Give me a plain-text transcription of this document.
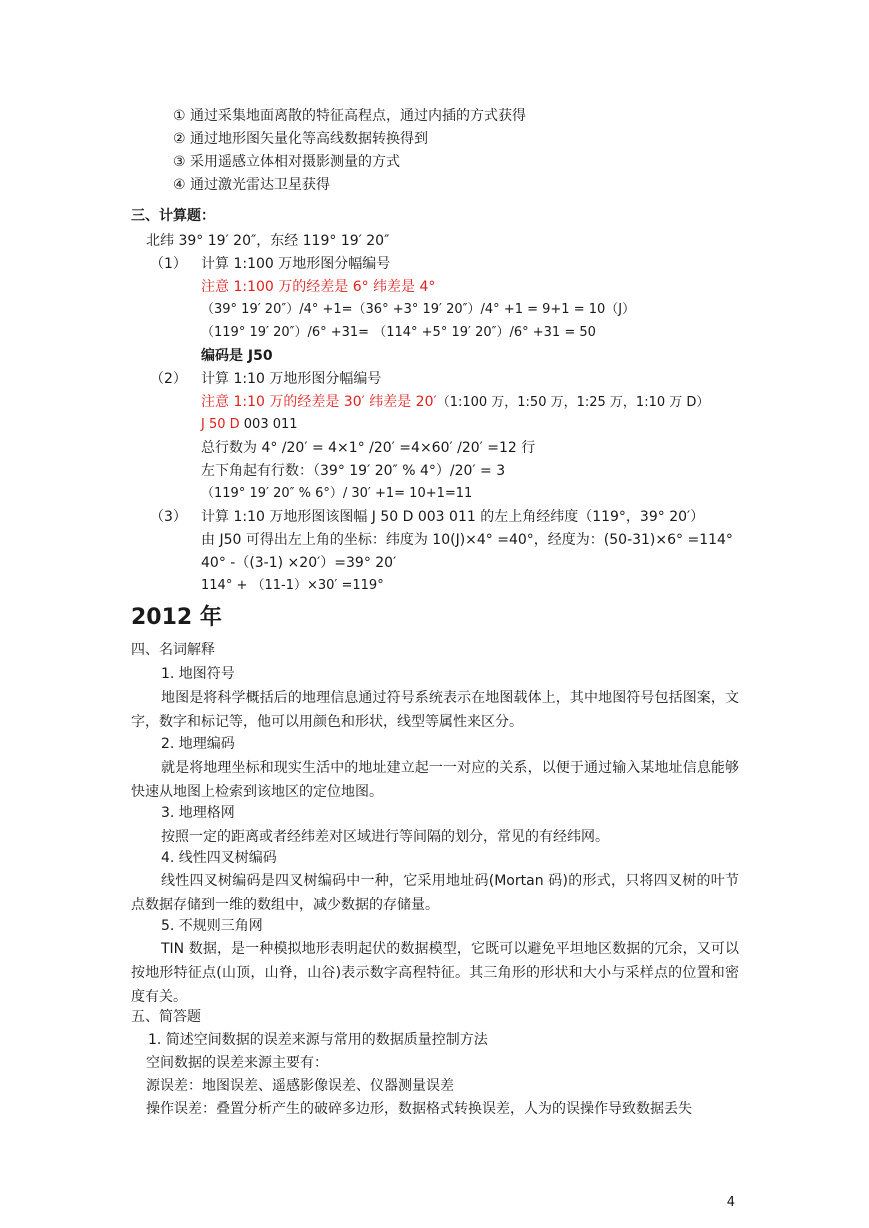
① 通过采集地面离散的特征高程点，通过内插的方式获得
② 通过地形图矢量化等高线数据转换得到
③ 采用遥感立体相对摄影测量的方式
④ 通过激光雷达卫星获得
三、计算题：
北纬 39° 19′ 20″，东经 119° 19′ 20″
（1） 计算 1:100 万地形图分幅编号
注意 1:100 万的经差是 6° 纬差是 4°
（39° 19′ 20″）/4° +1=（36° +3° 19′ 20″）/4° +1 = 9+1 = 10（J）
（119° 19′ 20″）/6° +31= （114° +5° 19′ 20″）/6° +31 = 50
编码是 J50
（2） 计算 1:10 万地形图分幅编号
注意 1:10 万的经差是 30′ 纬差是 20′（1:100 万，1:50 万，1:25 万，1:10 万 D）
J 50 D 003 011
总行数为 4° /20′ = 4×1° /20′ =4×60′ /20′ =12 行
左下角起有行数：（39° 19′ 20″ % 4°）/20′ = 3
（119° 19′ 20″ % 6°）/ 30′ +1= 10+1=11
（3） 计算 1:10 万地形图该图幅 J 50 D 003 011 的左上角经纬度（119°，39° 20′）
由 J50 可得出左上角的坐标：纬度为 10(J)×4° =40°，经度为：(50-31)×6° =114°
40° -（(3-1) ×20′）=39° 20′
114° + （11-1）×30′ =119°
2012 年
四、名词解释
1. 地图符号
地图是将科学概括后的地理信息通过符号系统表示在地图载体上，其中地图符号包括图案，文字，数字和标记等，他可以用颜色和形状，线型等属性来区分。
2. 地理编码
就是将地理坐标和现实生活中的地址建立起一一对应的关系，以便于通过输入某地址信息能够快速从地图上检索到该地区的定位地图。
3. 地理格网
按照一定的距离或者经纬差对区域进行等间隔的划分，常见的有经纬网。
4. 线性四叉树编码
线性四叉树编码是四叉树编码中一种，它采用地址码(Mortan 码)的形式，只将四叉树的叶节点数据存储到一维的数组中，减少数据的存储量。
5. 不规则三角网
TIN 数据，是一种模拟地形表明起伏的数据模型，它既可以避免平坦地区数据的冗余，又可以按地形特征点(山顶，山脊，山谷)表示数字高程特征。其三角形的形状和大小与采样点的位置和密度有关。
五、简答题
1. 简述空间数据的误差来源与常用的数据质量控制方法
空间数据的误差来源主要有：
源误差：地图误差、遥感影像误差、仪器测量误差
操作误差：叠置分析产生的破碎多边形，数据格式转换误差，人为的误操作导致数据丢失
4
